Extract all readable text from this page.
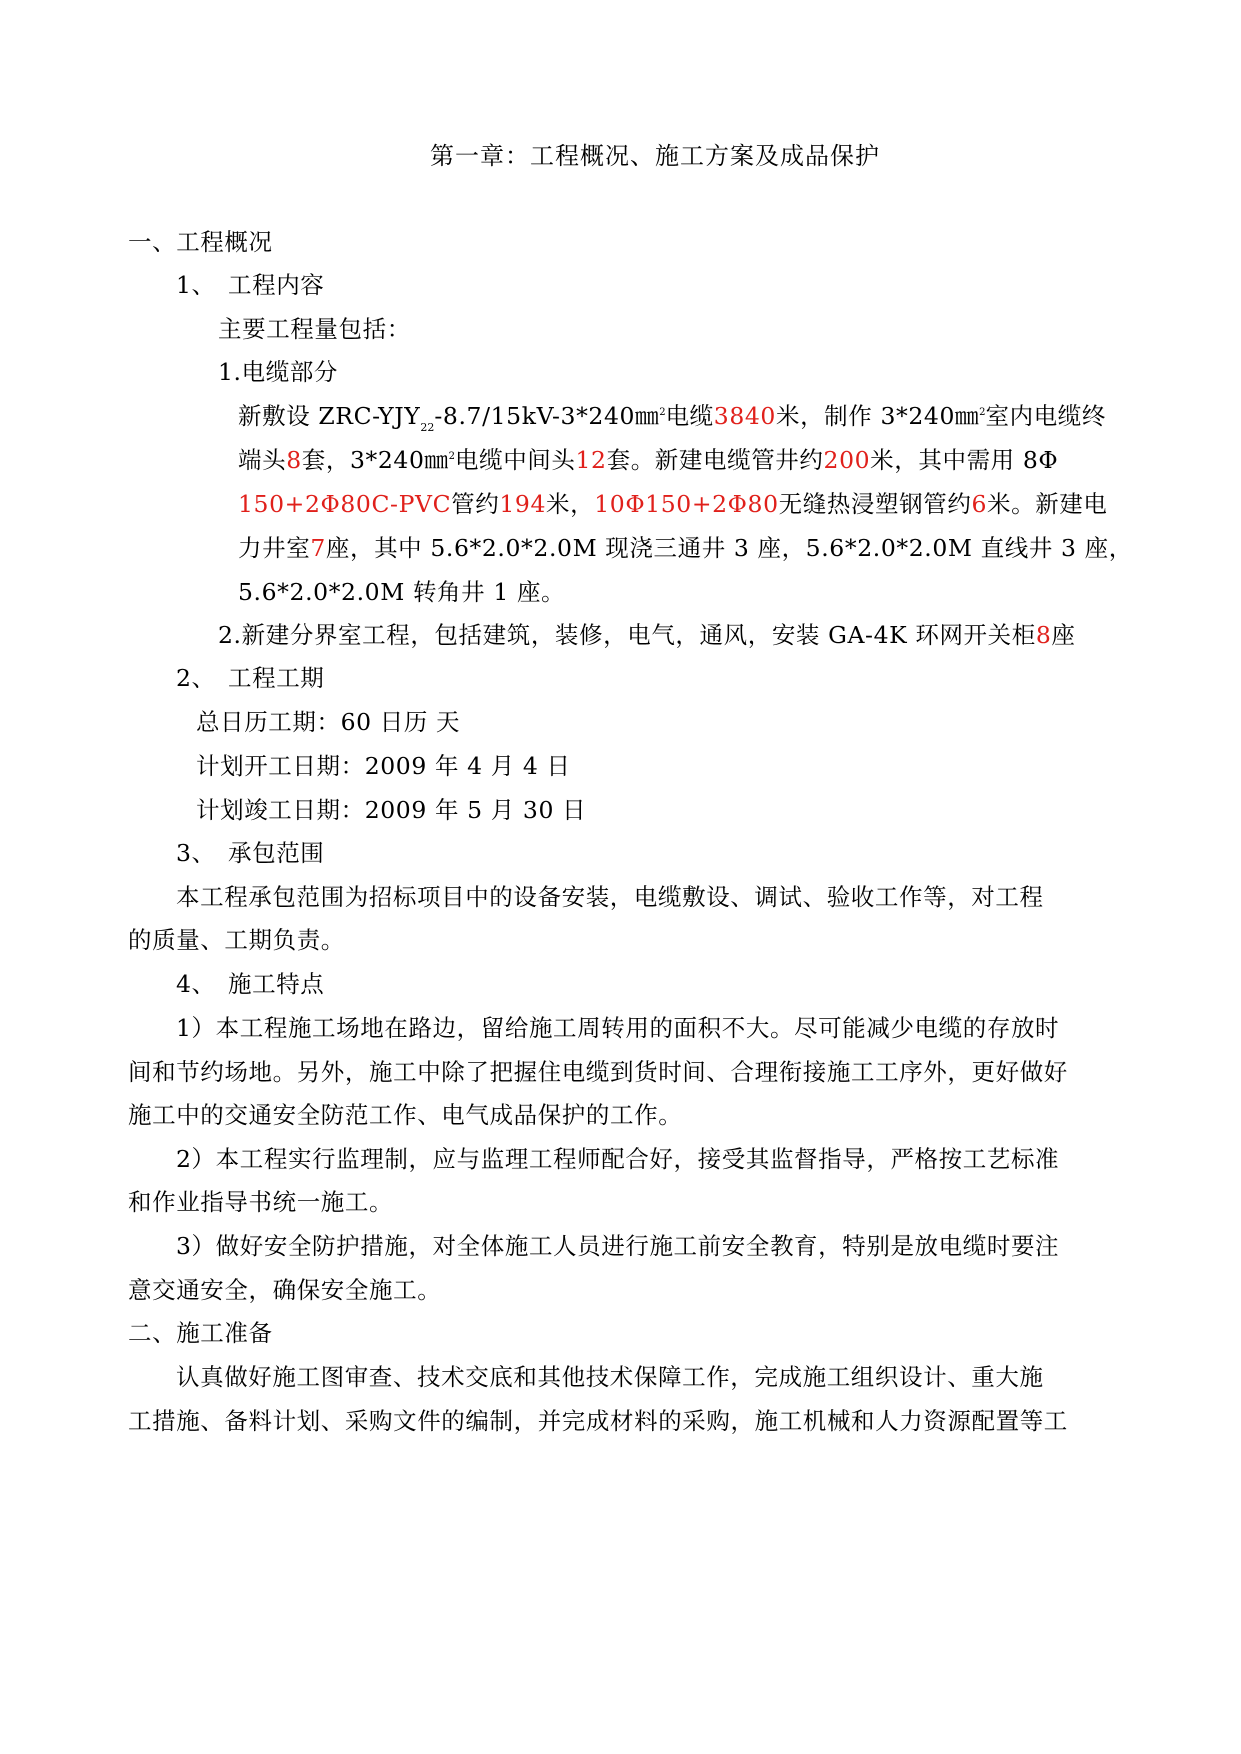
第一章：工程概况、施工方案及成品保护
一、工程概况
1、　工程内容
主要工程量包括：
1.电缆部分
新敷设 ZRC-$YJY_{22}-8.7/15kV-3*240㎜^2$电缆3840米，制作 3*240㎜$^2$室内电缆终
端头8套，3*240㎜$^2$电缆中间头12套。新建电缆管井约200米，其中需用 8Φ
150+2Φ80C-PVC管约194米，10Φ150+2Φ80无缝热浸塑钢管约6米。新建电
力井室7座，其中 5.6*2.0*2.0M 现浇三通井 3 座，5.6*2.0*2.0M 直线井 3 座，
5.6*2.0*2.0M 转角井 1 座。
2.新建分界室工程，包括建筑，装修，电气，通风，安装 GA-4K 环网开关柜8座
2、　工程工期
总日历工期：60 日历 天
计划开工日期：2009 年 4 月 4 日
计划竣工日期：2009 年 5 月 30 日
3、　承包范围
本工程承包范围为招标项目中的设备安装，电缆敷设、调试、验收工作等，对工程
的质量、工期负责。
4、　施工特点
1）本工程施工场地在路边，留给施工周转用的面积不大。尽可能减少电缆的存放时
间和节约场地。另外，施工中除了把握住电缆到货时间、合理衔接施工工序外，更好做好
施工中的交通安全防范工作、电气成品保护的工作。
2）本工程实行监理制，应与监理工程师配合好，接受其监督指导，严格按工艺标准
和作业指导书统一施工。
3）做好安全防护措施，对全体施工人员进行施工前安全教育，特别是放电缆时要注
意交通安全，确保安全施工。
二、施工准备
认真做好施工图审查、技术交底和其他技术保障工作，完成施工组织设计、重大施
工措施、备料计划、采购文件的编制，并完成材料的采购，施工机械和人力资源配置等工
